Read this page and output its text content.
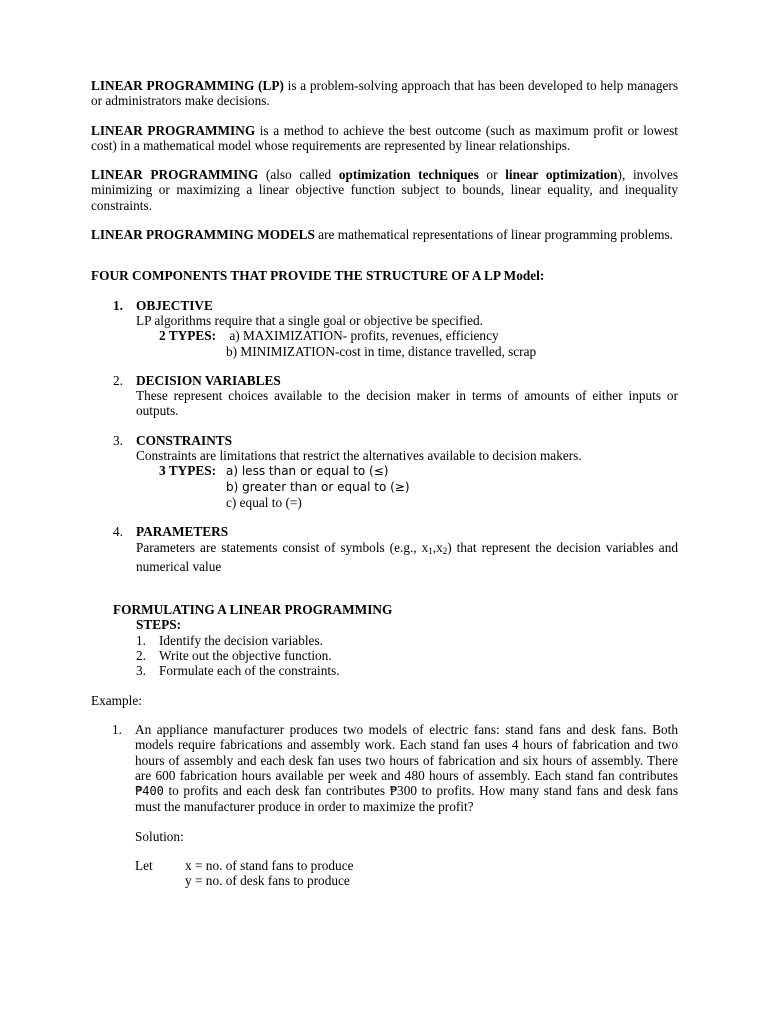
LINEAR PROGRAMMING (LP) is a problem-solving approach that has been developed to help managers or administrators make decisions.

LINEAR PROGRAMMING is a method to achieve the best outcome (such as maximum profit or lowest cost) in a mathematical model whose requirements are represented by linear relationships.

LINEAR PROGRAMMING (also called optimization techniques or linear optimization), involves minimizing or maximizing a linear objective function subject to bounds, linear equality, and inequality constraints.

LINEAR PROGRAMMING MODELS are mathematical representations of linear programming problems.

FOUR COMPONENTS THAT PROVIDE THE STRUCTURE OF A LP Model:
1. OBJECTIVE
LP algorithms require that a single goal or objective be specified.
2 TYPES: a) MAXIMIZATION- profits, revenues, efficiency
b) MINIMIZATION-cost in time, distance travelled, scrap
2. DECISION VARIABLES
These represent choices available to the decision maker in terms of amounts of either inputs or outputs.
3. CONSTRAINTS
Constraints are limitations that restrict the alternatives available to decision makers.
3 TYPES: a) less than or equal to (≤)
b) greater than or equal to (≥)
c) equal to (=)
4. PARAMETERS
Parameters are statements consist of symbols (e.g., $x_1,x_2$) that represent the decision variables and numerical value
FORMULATING A LINEAR PROGRAMMING
STEPS:
1. Identify the decision variables.
2. Write out the objective function.
3. Formulate each of the constraints.
Example:
1. An appliance manufacturer produces two models of electric fans: stand fans and desk fans. Both models require fabrications and assembly work. Each stand fan uses 4 hours of fabrication and two hours of assembly and each desk fan uses two hours of fabrication and six hours of assembly. There are 600 fabrication hours available per week and 480 hours of assembly. Each stand fan contributes ₱400 to profits and each desk fan contributes ₱300 to profits. How many stand fans and desk fans must the manufacturer produce in order to maximize the profit?
Solution:
Let	x = no. of stand fans to produce
y = no. of desk fans to produce
